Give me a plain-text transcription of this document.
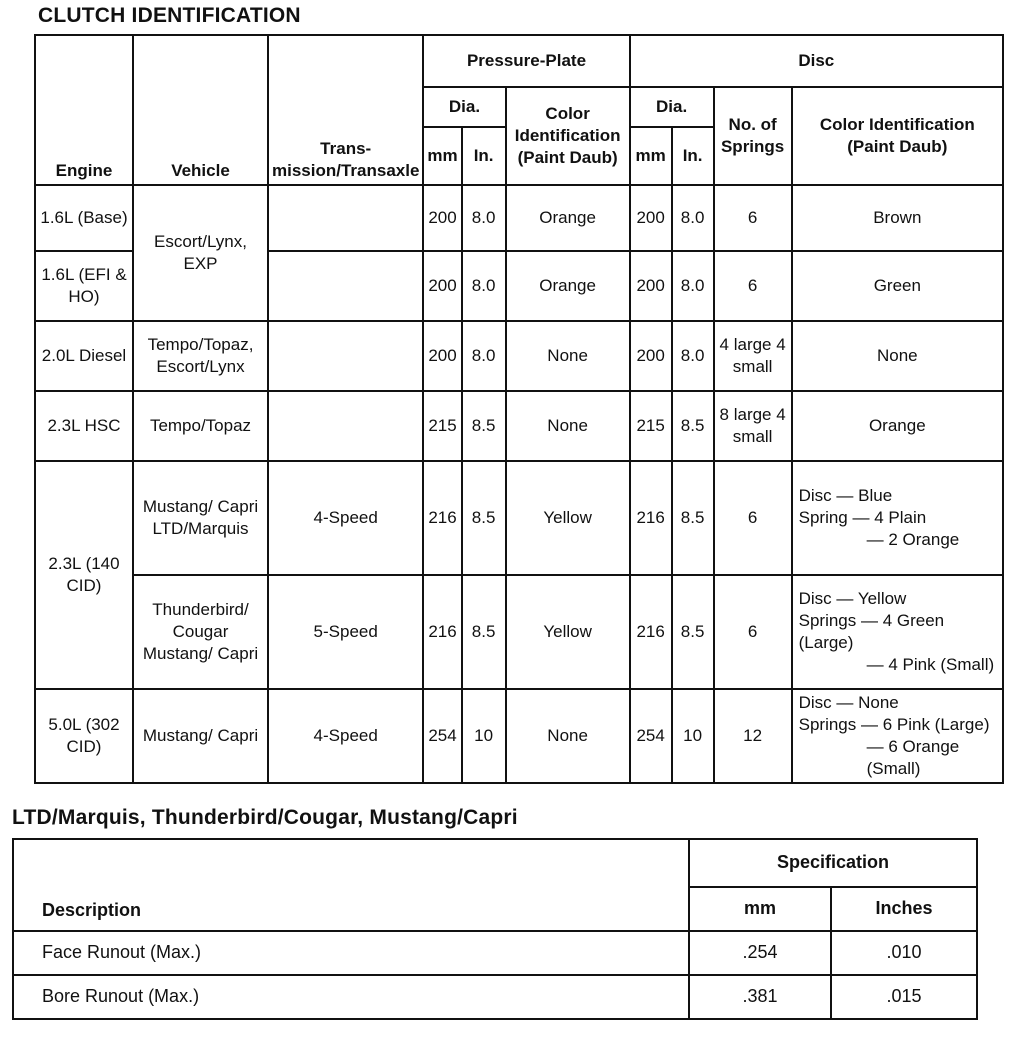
CLUTCH IDENTIFICATION
Engine	Vehicle	Trans-mission/Transaxle	Pressure-Plate			Disc			
			Dia.		Color Identification (Paint Daub)	Dia.		No. of Springs	Color Identification (Paint Daub)
			mm	In.		mm	In.		
1.6L (Base)	Escort/Lynx, EXP		200	8.0	Orange	200	8.0	6	Brown
1.6L (EFI & HO)			200	8.0	Orange	200	8.0	6	Green
2.0L Diesel	Tempo/Topaz, Escort/Lynx		200	8.0	None	200	8.0	4 large 4 small	None
2.3L HSC	Tempo/Topaz		215	8.5	None	215	8.5	8 large 4 small	Orange
2.3L (140 CID)	Mustang/ Capri LTD/Marquis	4-Speed	216	8.5	Yellow	216	8.5	6	Disc — Blue
Spring — 4 Plain
— 2 Orange

	Thunderbird/ Cougar Mustang/ Capri	5-Speed	216	8.5	Yellow	216	8.5	6	Disc — Yellow
Springs — 4 Green (Large)
— 4 Pink (Small)

5.0L (302 CID)	Mustang/ Capri	4-Speed	254	10	None	254	10	12	Disc — None
Springs — 6 Pink (Large)
— 6 Orange (Small)
LTD/Marquis, Thunderbird/Cougar, Mustang/Capri
Description	Specification	
	mm	Inches
Face Runout (Max.)	.254	.010
Bore Runout (Max.)	.381	.015
